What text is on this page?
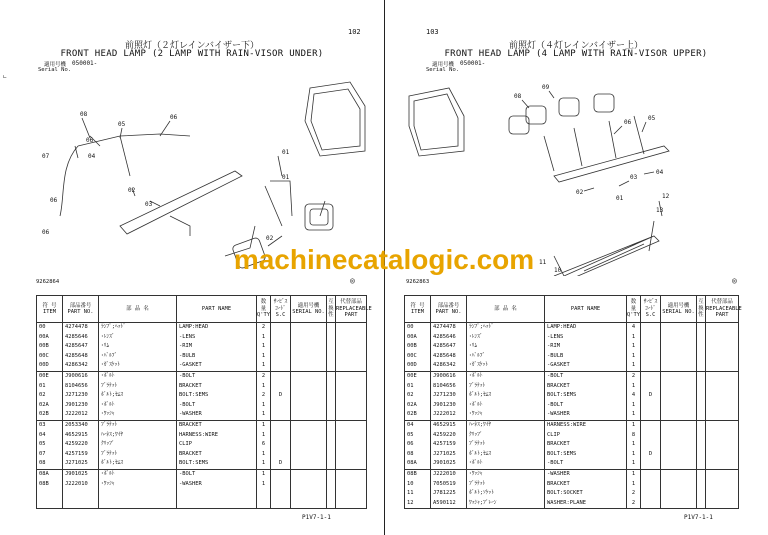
∟
102
前照灯（２灯レインバイザー下）
FRONT HEAD LAMP (2 LAMP WITH RAIN-VISOR UNDER)
適用号機
Serial No.
050001-
08
06
07	04
05
06
02
03
01
01
02
06
06
9262864	◎
符 号
ITEM	部品番号
PART NO.	部 品 名	PART NAME	数 量
Q'TY	ｻｰﾋﾞｽ ｺｰﾄﾞ
S.C	適用号機
SERIAL NO.	互 換 性	代替部品
REPLACEABLE
PART
00	4274478	ﾗﾝﾌﾟ;ﾍｯﾄﾞ	LAMP:HEAD	2				
00A	4285646	･ﾚﾝｽﾞ	-LENS	1				
00B	4285647	･ﾘﾑ	-RIM	1				
00C	4285648	･ﾊﾞﾙﾌﾞ	-BULB	1				
00D	4286342	･ｶﾞｽｹｯﾄ	-GASKET	1				
00E	J900616	･ﾎﾞﾙﾄ	-BOLT	2				
01	8104656	ﾌﾞﾗｹｯﾄ	BRACKET	1				
02	J271230	ﾎﾞﾙﾄ;ｾﾑｽ	BOLT:SEMS	2	D			
02A	J901230	･ﾎﾞﾙﾄ	-BOLT	1				
02B	J222012	･ﾜｯｼｬ	-WASHER	1				
03	2053340	ﾌﾞﾗｹｯﾄ	BRACKET	1				
04	4652915	ﾊｰﾈｽ;ﾜｲﾔ	HARNESS:WIRE	1				
05	4259220	ｸﾘｯﾌﾟ	CLIP	6				
07	4257159	ﾌﾞﾗｹｯﾄ	BRACKET	1				
08	J271025	ﾎﾞﾙﾄ;ｾﾑｽ	BOLT:SEMS	1	D			
08A	J901025	･ﾎﾞﾙﾄ	-BOLT	1				
08B	J222010	･ﾜｯｼｬ	-WASHER	1				

P1V7-1-1
103
前照灯（４灯レインバイザー上）
FRONT HEAD LAMP (4 LAMP WITH RAIN-VISOR UPPER)
適用号機
Serial No.
050001-
08
09
06
05
04
03
02
01
11
12
13
10
9262863	◎
符 号
ITEM	部品番号
PART NO.	部 品 名	PART NAME	数 量
Q'TY	ｻｰﾋﾞｽ ｺｰﾄﾞ
S.C	適用号機
SERIAL NO.	互 換 性	代替部品
REPLACEABLE
PART
00	4274478	ﾗﾝﾌﾟ;ﾍｯﾄﾞ	LAMP:HEAD	4				
00A	4285646	･ﾚﾝｽﾞ	-LENS	1				
00B	4285647	･ﾘﾑ	-RIM	1				
00C	4285648	･ﾊﾞﾙﾌﾞ	-BULB	1				
00D	4286342	･ｶﾞｽｹｯﾄ	-GASKET	1				
00E	J900616	･ﾎﾞﾙﾄ	-BOLT	2				
01	8104656	ﾌﾞﾗｹｯﾄ	BRACKET	1				
02	J271230	ﾎﾞﾙﾄ;ｾﾑｽ	BOLT:SEMS	4	D			
02A	J901230	･ﾎﾞﾙﾄ	-BOLT	1				
02B	J222012	･ﾜｯｼｬ	-WASHER	1				
04	4652915	ﾊｰﾈｽ;ﾜｲﾔ	HARNESS:WIRE	1				
05	4259220	ｸﾘｯﾌﾟ	CLIP	8				
06	4257159	ﾌﾞﾗｹｯﾄ	BRACKET	1				
08	J271025	ﾎﾞﾙﾄ;ｾﾑｽ	BOLT:SEMS	1	D			
08A	J901025	･ﾎﾞﾙﾄ	-BOLT	1				
08B	J222010	･ﾜｯｼｬ	-WASHER	1				
10	7050519	ﾌﾞﾗｹｯﾄ	BRACKET	1				
11	J781225	ﾎﾞﾙﾄ;ｿｹｯﾄ	BOLT:SOCKET	2				
12	A590112	ﾜｯｼｬ;ﾌﾟﾚｰﾝ	WASHER:PLANE	2				
P1V7-1-1
machinecatalogic.com
